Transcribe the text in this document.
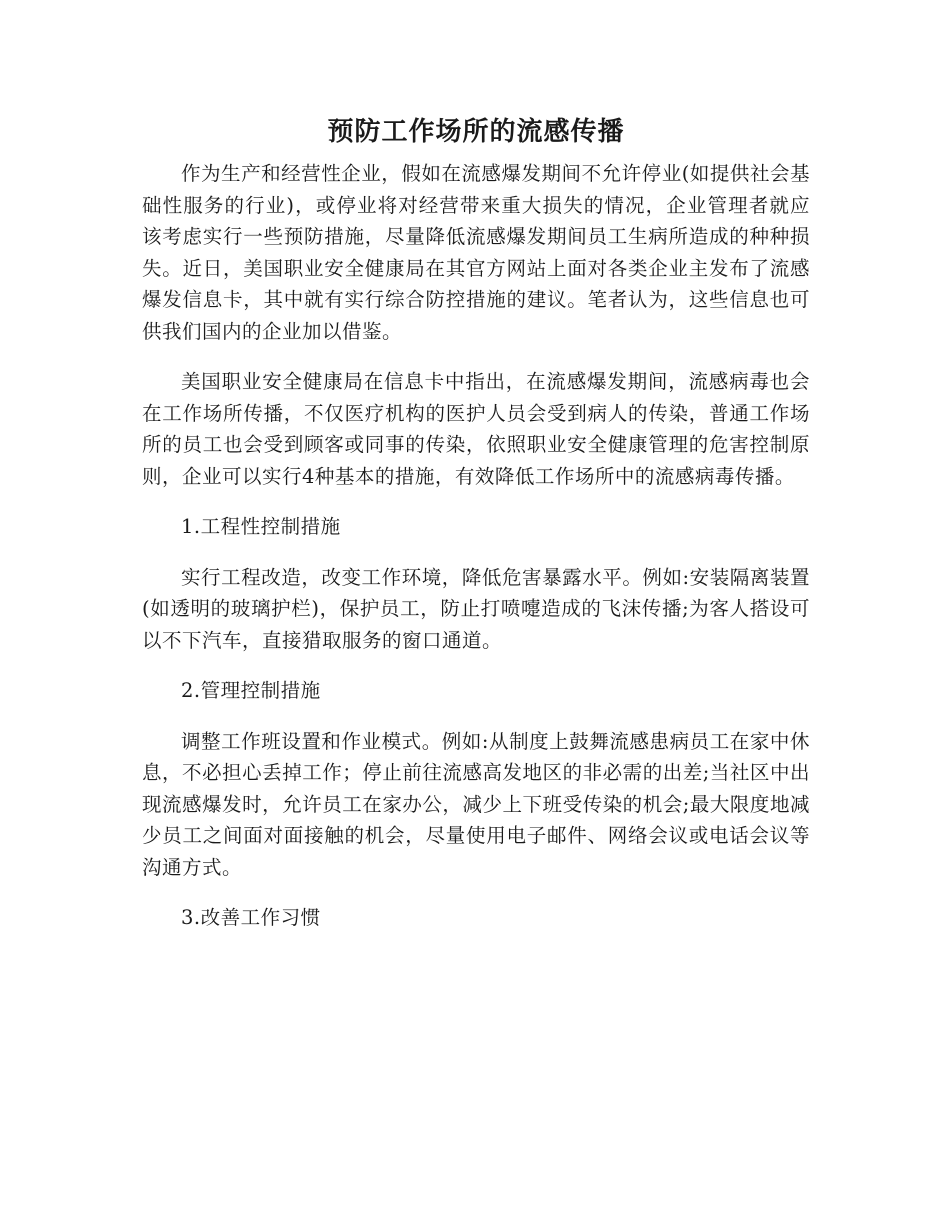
预防工作场所的流感传播

作为生产和经营性企业，假如在流感爆发期间不允许停业(如提供社会基础性服务的行业)，或停业将对经营带来重大损失的情况，企业管理者就应该考虑实行一些预防措施，尽量降低流感爆发期间员工生病所造成的种种损失。近日，美国职业安全健康局在其官方网站上面对各类企业主发布了流感爆发信息卡，其中就有实行综合防控措施的建议。笔者认为，这些信息也可供我们国内的企业加以借鉴。

美国职业安全健康局在信息卡中指出，在流感爆发期间，流感病毒也会在工作场所传播，不仅医疗机构的医护人员会受到病人的传染，普通工作场所的员工也会受到顾客或同事的传染，依照职业安全健康管理的危害控制原则，企业可以实行4种基本的措施，有效降低工作场所中的流感病毒传播。

1.工程性控制措施

实行工程改造，改变工作环境，降低危害暴露水平。例如:安装隔离装置(如透明的玻璃护栏)，保护员工，防止打喷嚏造成的飞沫传播;为客人搭设可以不下汽车，直接猎取服务的窗口通道。

2.管理控制措施

调整工作班设置和作业模式。例如:从制度上鼓舞流感患病员工在家中休息，不必担心丢掉工作；停止前往流感高发地区的非必需的出差;当社区中出现流感爆发时，允许员工在家办公，减少上下班受传染的机会;最大限度地减少员工之间面对面接触的机会，尽量使用电子邮件、网络会议或电话会议等沟通方式。

3.改善工作习惯
